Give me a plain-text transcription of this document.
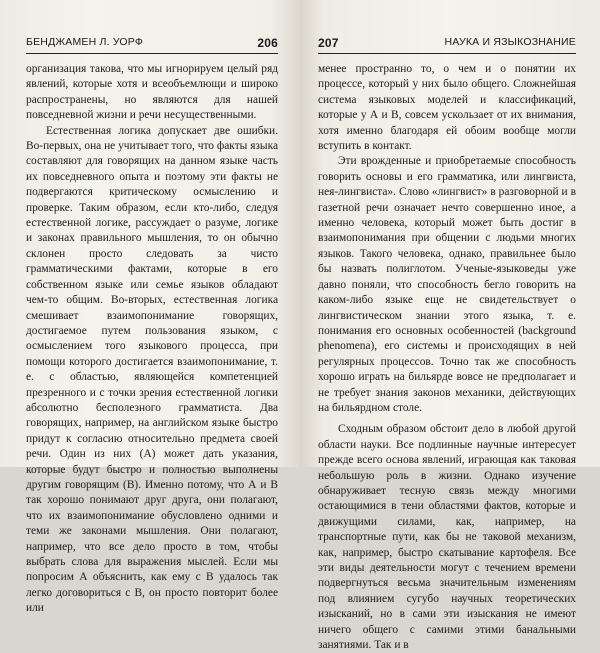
БЕНДЖАМЕН Л. УОРФ	206

организация такова, что мы игнорируем целый ряд явлений, которые хотя и всеобъемлющи и широко распространены, но являются для нашей повседневной жизни и речи несущественными.

Естественная логика допускает две ошибки. Во-первых, она не учитывает того, что факты языка составляют для говорящих на данном языке часть их повседневного опыта и поэтому эти факты не подвергаются критическому осмыслению и проверке. Таким образом, если кто-либо, следуя естественной логике, рассуждает о разуме, логике и законах правильного мышления, то он обычно склонен просто следовать за чисто грамматическими фактами, которые в его собственном языке или семье языков обладают чем-то общим. Во-вторых, естественная логика смешивает взаимопонимание говорящих, достигаемое путем пользования языком, с осмыслением того языкового процесса, при помощи которого достигается взаимопонимание, т. е. с областью, являющейся компетенцией презренного и с точки зрения естественной логики абсолютно бесполезного грамматиста. Два говорящих, например, на английском языке быстро придут к согласию относительно предмета своей речи. Один из них (А) может дать указания, которые будут быстро и полностью выполнены другим говорящим (В). Именно потому, что А и В так хорошо понимают друг друга, они полагают, что их взаимопонимание обусловлено одними и теми же законами мышления. Они полагают, например, что все дело просто в том, чтобы выбрать слова для выражения мыслей. Если мы попросим А объяснить, как ему с В удалось так легко договориться с В, он просто повторит более или

207	НАУКА И ЯЗЫКОЗНАНИЕ

менее пространно то, о чем и о понятии их процессе, который у них было общего. Сложнейшая система языковых моделей и классификаций, которые у А и В, совсем ускользает от их внимания, хотя именно благодаря ей обоим вообще могли вступить в контакт.

Эти врожденные и приобретаемые способность говорить основы и его грамматика, или лингвиста, нея-лингвиста». Слово «лингвист» в разговорной и в газетной речи означает нечто совершенно иное, а именно человека, который может быть достиг в взаимопонимания при общении с людьми многих языков. Такого человека, однако, правильнее было бы назвать полиглотом. Ученые-языковеды уже давно поняли, что способность бегло говорить на каком-либо языке еще не свидетельствует о лингвистическом знании этого языка, т. е. понимания его основных особенностей (background phenomena), его системы и происходящих в ней регулярных процессов. Точно так же способность хорошо играть на бильярде вовсе не предполагает и не требует знания законов механики, действующих на бильярдном столе.

Сходным образом обстоит дело в любой другой области науки. Все подлинные научные интересует прежде всего основа явлений, играющая как таковая небольшую роль в жизни. Однако изучение обнаруживает тесную связь между многими остающимися в тени областями фактов, которые и движущими силами, как, например, на транспортные пути, как бы не таковой механизм, как, например, быстро скатывание картофеля. Все эти виды деятельности могут с течением времени подвергнуться весьма значительным изменениям под влиянием сугубо научных теоретических изысканий, но в сами эти изыскания не имеют ничего общего с самими этими банальными занятиями. Так и в
